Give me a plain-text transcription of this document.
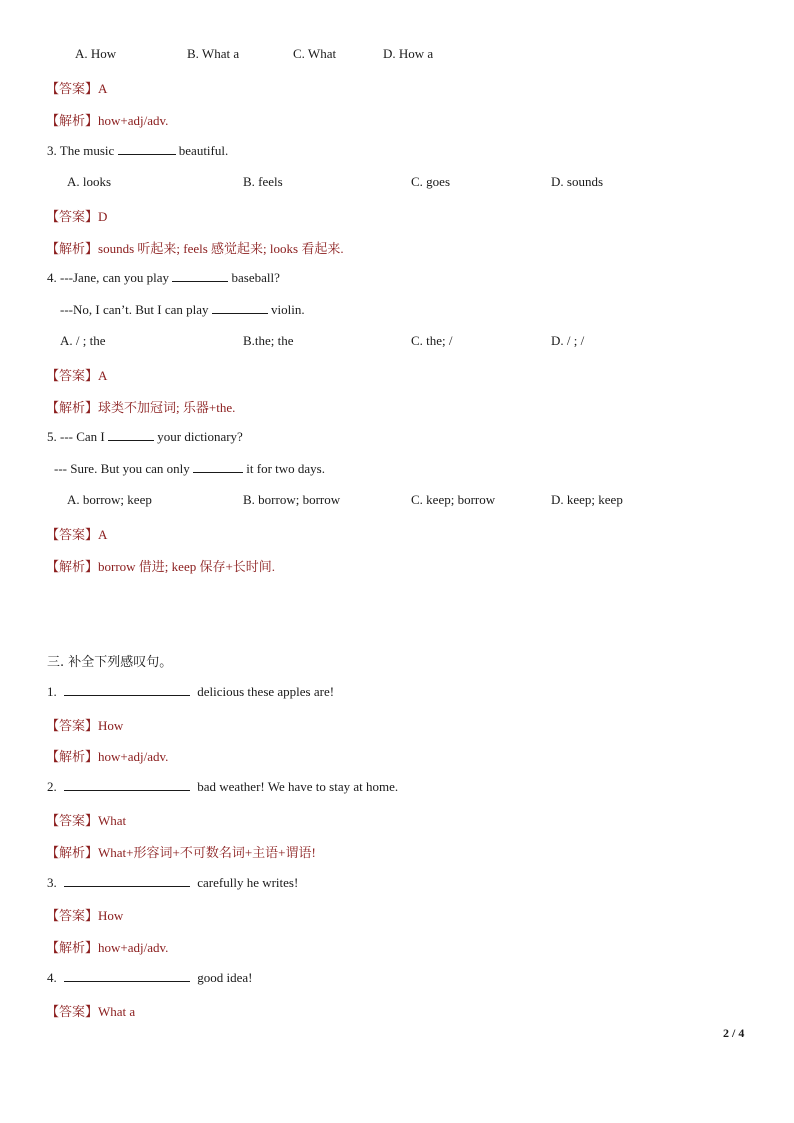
A. How	B. What a	C. What	D. How a
【答案】A
【解析】how+adj/adv.
3. The music	beautiful.
A. looks	B. feels	C. goes	D. sounds
【答案】D
【解析】sounds 听起来; feels 感觉起来; looks 看起来.
4. ---Jane, can you play	baseball?
---No, I can’t. But I can play	violin.
A. / ; the	B.the; the	C. the; /	D. / ; /
【答案】A
【解析】球类不加冠词; 乐器+the.
5. --- Can I	your dictionary?
--- Sure. But you can only	it for two days.
A. borrow; keep	B. borrow; borrow	C. keep; borrow	D. keep; keep
【答案】A
【解析】borrow 借进; keep 保存+长时间.
三. 补全下列感叹句。
1.	delicious these apples are!
【答案】How
【解析】how+adj/adv.
2.	bad weather! We have to stay at home.
【答案】What
【解析】What+形容词+不可数名词+主语+谓语!
3.	carefully he writes!
【答案】How
【解析】how+adj/adv.
4.	good idea!
【答案】What a
2 / 4
